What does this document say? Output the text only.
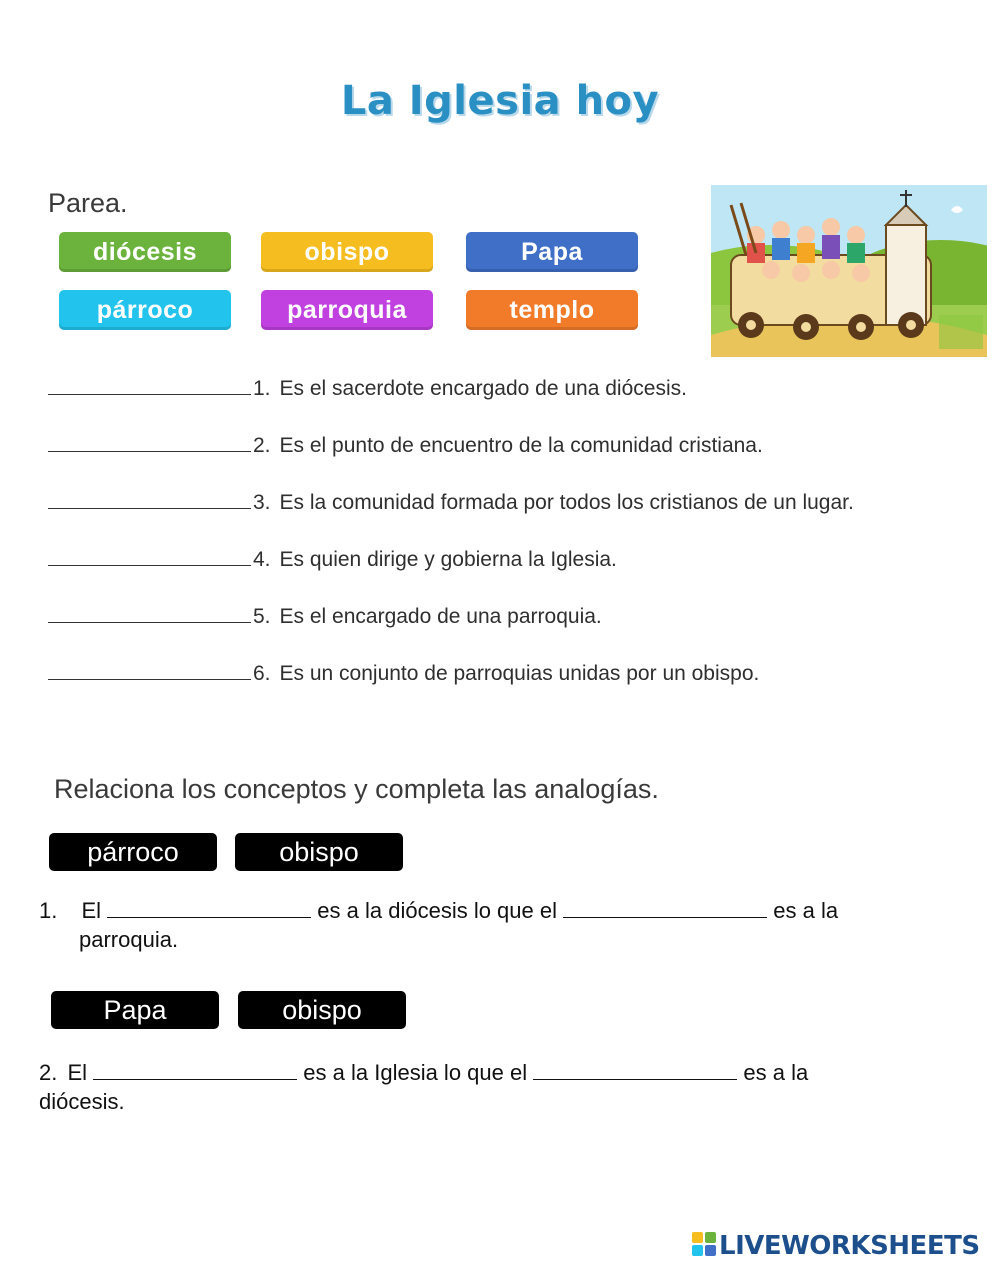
La Iglesia hoy
Parea.
diócesis	obispo	Papa
párroco	parroquia	templo
1. Es el sacerdote encargado de una diócesis.
2. Es el punto de encuentro de la comunidad cristiana.
3. Es la comunidad formada por todos los cristianos de un lugar.
4. Es quien dirige y gobierna la Iglesia.
5. Es el encargado de una parroquia.
6. Es un conjunto de parroquias unidas por un obispo.
Relaciona los conceptos y completa las analogías.
párroco	obispo
1. El	es a la diócesis lo que el	es a la
parroquia.
Papa	obispo
2. El	es a la Iglesia lo que el	es a la
diócesis.
LIVEWORKSHEETS
